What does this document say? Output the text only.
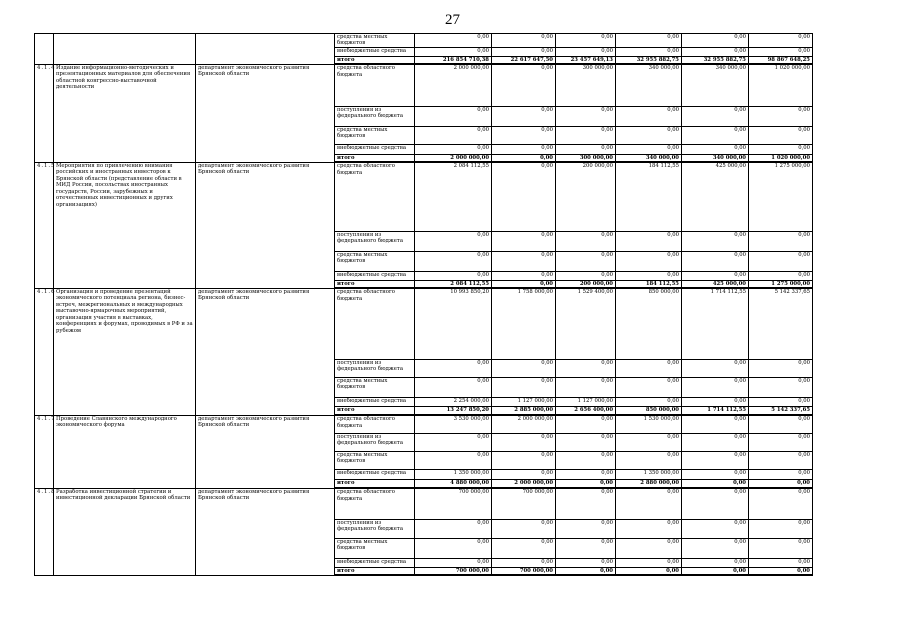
27
			средства местных бюджетов	0,00	0,00	0,00	0,00	0,00	0,00
			внебюджетные средства	0,00	0,00	0,00	0,00	0,00	0,00
			итого	216 854 710,38	22 617 647,50	23 457 649,13	32 955 882,75	32 955 882,75	98 867 648,25
4.1.4	Издание информационно-методических и презентационных материалов для обеспечения областной конгрессно-выставочной деятельности	департамент экономического развития Брянской области	средства областного бюджета	2 000 000,00	0,00	300 000,00	340 000,00	340 000,00	1 020 000,00
			поступления из федерального бюджета	0,00	0,00	0,00	0,00	0,00	0,00
			средства местных бюджетов	0,00	0,00	0,00	0,00	0,00	0,00
			внебюджетные средства	0,00	0,00	0,00	0,00	0,00	0,00
			итого	2 000 000,00	0,00	300 000,00	340 000,00	340 000,00	1 020 000,00
4.1.5	Мероприятия по привлечению внимания российских и иностранных инвесторов к Брянской области (представление области в МИД России, посольствах иностранных государств, России, зарубежных и отечественных инвестиционных и других организациях)	департамент экономического развития Брянской области	средства областного бюджета	2 084 112,55	0,00	200 000,00	184 112,55	425 000,00	1 275 000,00
			поступления из федерального бюджета	0,00	0,00	0,00	0,00	0,00	0,00
			средства местных бюджетов	0,00	0,00	0,00	0,00	0,00	0,00
			внебюджетные средства	0,00	0,00	0,00	0,00	0,00	0,00
			итого	2 084 112,55	0,00	200 000,00	184 112,55	425 000,00	1 275 000,00
4.1.6	Организация и проведение презентаций экономического потенциала региона, бизнес-встреч, межрегиональных и международных выставочно-ярмарочных мероприятий, организация участия в выставках, конференциях и форумах, проводимых в РФ и за рубежом	департамент экономического развития Брянской области	средства областного бюджета	10 993 850,20	1 758 000,00	1 529 400,00	850 000,00	1 714 112,55	5 142 337,65
			поступления из федерального бюджета	0,00	0,00	0,00	0,00	0,00	0,00
			средства местных бюджетов	0,00	0,00	0,00	0,00	0,00	0,00
			внебюджетные средства	2 254 000,00	1 127 000,00	1 127 000,00	0,00	0,00	0,00
			итого	13 247 850,20	2 885 000,00	2 656 400,00	850 000,00	1 714 112,55	5 142 337,65
4.1.7	Проведение Славянского международного экономического форума	департамент экономического развития Брянской области	средства областного бюджета	3 530 000,00	2 000 000,00	0,00	1 530 000,00	0,00	0,00
			поступления из федерального бюджета	0,00	0,00	0,00	0,00	0,00	0,00
			средства местных бюджетов	0,00	0,00	0,00	0,00	0,00	0,00
			внебюджетные средства	1 350 000,00	0,00	0,00	1 350 000,00	0,00	0,00
			итого	4 880 000,00	2 000 000,00	0,00	2 880 000,00	0,00	0,00
4.1.8	Разработка инвестиционной стратегии и инвестиционной декларации Брянской области	департамент экономического развития Брянской области	средства областного бюджета	700 000,00	700 000,00	0,00	0,00	0,00	0,00
			поступления из федерального бюджета	0,00	0,00	0,00	0,00	0,00	0,00
			средства местных бюджетов	0,00	0,00	0,00	0,00	0,00	0,00
			внебюджетные средства	0,00	0,00	0,00	0,00	0,00	0,00
			итого	700 000,00	700 000,00	0,00	0,00	0,00	0,00
